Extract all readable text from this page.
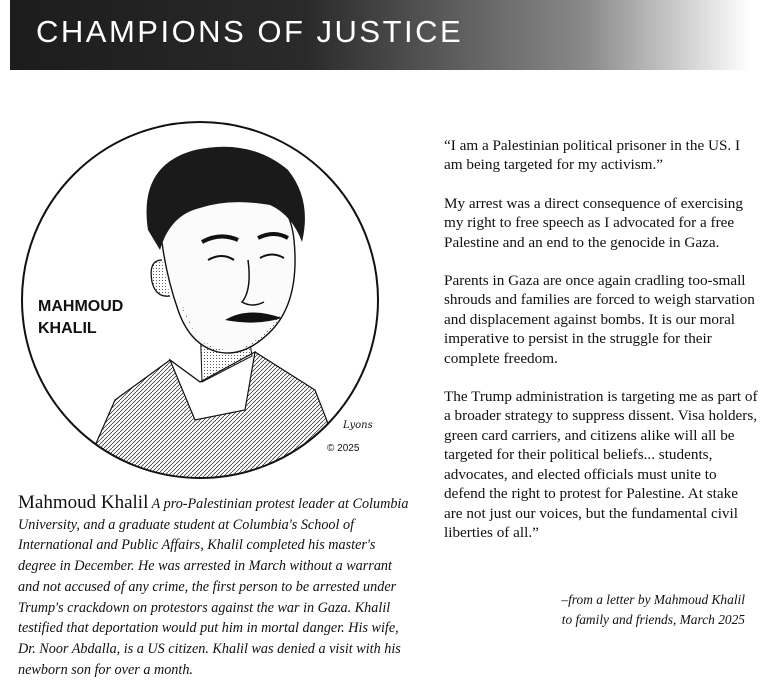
CHAMPIONS OF JUSTICE
MAHMOUD
KHALIL
Lyons
© 2025
Mahmoud Khalil A pro-Palestinian protest leader at Columbia University, and a graduate student at Columbia's School of International and Public Affairs, Khalil completed his master's degree in December. He was arrested in March without a warrant and not accused of any crime, the first person to be arrested under Trump's crackdown on protestors against the war in Gaza. Khalil testified that deportation would put him in mortal danger. His wife, Dr. Noor Abdalla, is a US citizen. Khalil was denied a visit with his newborn son for over a month.

“I am a Palestinian political prisoner in the US. I am being targeted for my activism.”

My arrest was a direct consequence of exercising my right to free speech as I advocated for a free Palestine and an end to the genocide in Gaza.

Parents in Gaza are once again cradling too-small shrouds and families are forced to weigh starvation and displacement against bombs. It is our moral imperative to persist in the struggle for their complete freedom.

The Trump administration is targeting me as part of a broader strategy to suppress dissent. Visa holders, green card carriers, and citizens alike will all be targeted for their political beliefs... students, advocates, and elected officials must unite to defend the right to protest for Palestine. At stake are not just our voices, but the fundamental civil liberties of all.”

–from a letter by Mahmoud Khalil
to family and friends, March 2025
